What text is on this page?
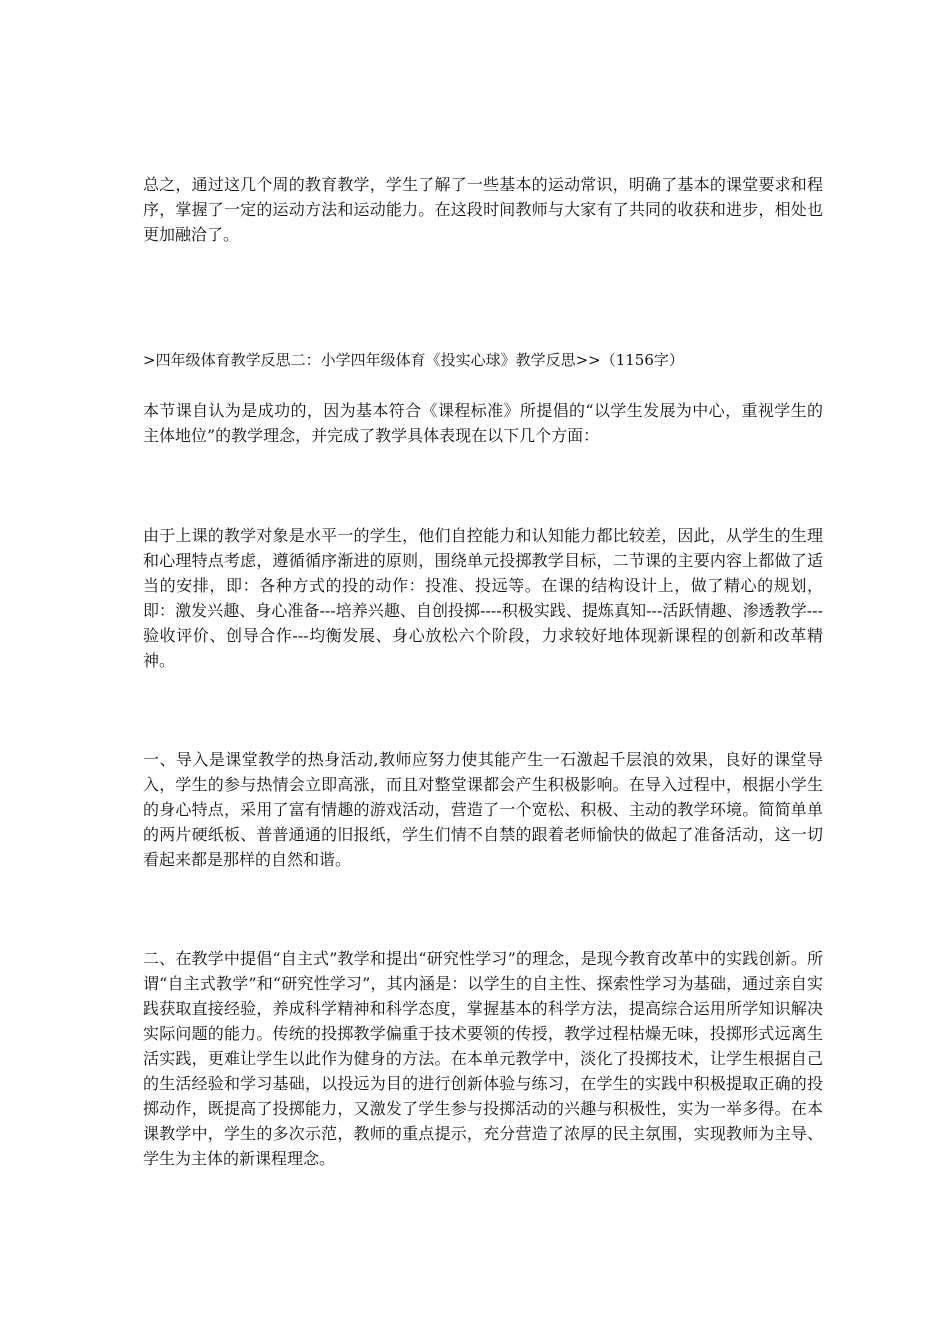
总之，通过这几个周的教育教学，学生了解了一些基本的运动常识，明确了基本的课堂要求和程序，掌握了一定的运动方法和运动能力。在这段时间教师与大家有了共同的收获和进步，相处也更加融洽了。

>四年级体育教学反思二：小学四年级体育《投实心球》教学反思>>（1156字）

本节课自认为是成功的，因为基本符合《课程标准》所提倡的“以学生发展为中心，重视学生的主体地位”的教学理念，并完成了教学具体表现在以下几个方面：

由于上课的教学对象是水平一的学生，他们自控能力和认知能力都比较差，因此，从学生的生理和心理特点考虑，遵循循序渐进的原则，围绕单元投掷教学目标，二节课的主要内容上都做了适当的安排，即：各种方式的投的动作：投准、投远等。在课的结构设计上，做了精心的规划，即：激发兴趣、身心准备---培养兴趣、自创投掷----积极实践、提炼真知---活跃情趣、渗透教学---验收评价、创导合作---均衡发展、身心放松六个阶段，力求较好地体现新课程的创新和改革精神。

一、导入是课堂教学的热身活动,教师应努力使其能产生一石激起千层浪的效果，良好的课堂导入，学生的参与热情会立即高涨，而且对整堂课都会产生积极影响。在导入过程中，根据小学生的身心特点，采用了富有情趣的游戏活动，营造了一个宽松、积极、主动的教学环境。简简单单的两片硬纸板、普普通通的旧报纸，学生们情不自禁的跟着老师愉快的做起了准备活动，这一切看起来都是那样的自然和谐。

二、在教学中提倡“自主式”教学和提出“研究性学习”的理念，是现今教育改革中的实践创新。所谓“自主式教学”和“研究性学习”，其内涵是：以学生的自主性、探索性学习为基础，通过亲自实践获取直接经验，养成科学精神和科学态度，掌握基本的科学方法，提高综合运用所学知识解决实际问题的能力。传统的投掷教学偏重于技术要领的传授，教学过程枯燥无味，投掷形式远离生活实践，更难让学生以此作为健身的方法。在本单元教学中，淡化了投掷技术，让学生根据自己的生活经验和学习基础，以投远为目的进行创新体验与练习，在学生的实践中积极提取正确的投掷动作，既提高了投掷能力，又激发了学生参与投掷活动的兴趣与积极性，实为一举多得。在本课教学中，学生的多次示范，教师的重点提示，充分营造了浓厚的民主氛围，实现教师为主导、学生为主体的新课程理念。
